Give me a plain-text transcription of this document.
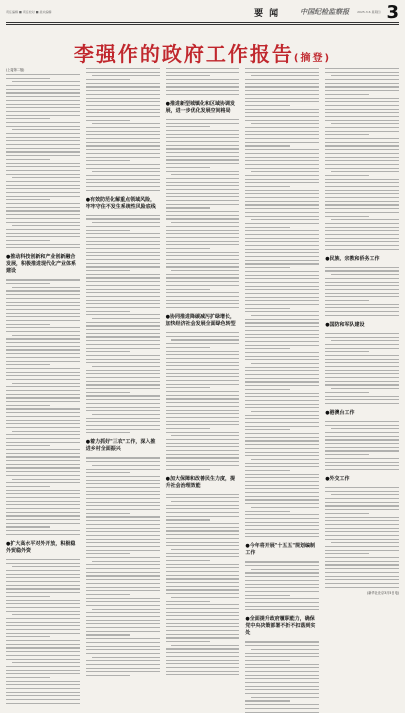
责任编辑 ■ 责任校对 ■ 美术编辑	要闻 中国纪检监察报	2025.3.6 星期四 3
李强作的政府工作报告(摘登)
(上接第二版)
●推动科技创新和产业创新融合发展，积极推进现代化产业体系建设
●扩大高水平对外开放，积极稳外贸稳外资
●有效防范化解重点领域风险，牢牢守住不发生系统性风险底线
●着力抓好"三农"工作，深入推进乡村全面振兴
●推进新型城镇化和区域协调发展，进一步优化发展空间格局
●协同推进降碳减污扩绿增长，加快经济社会发展全面绿色转型
●加大保障和改善民生力度，提升社会治理效能
●今年将开展"十五五"规划编制工作
●全面提升政府履职能力，确保党中央决策部署不折不扣落到实处
●民族、宗教和侨务工作
●国防和军队建设
●港澳台工作
●外交工作
(新华社北京3月5日电)
